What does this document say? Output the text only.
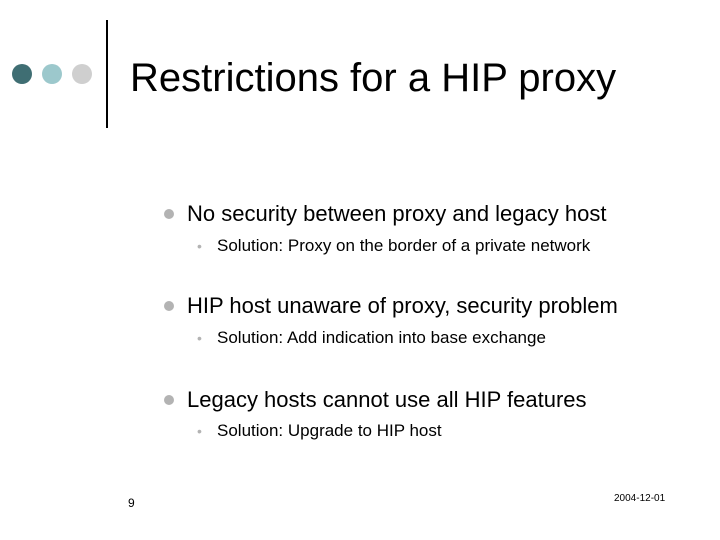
Restrictions for a HIP proxy
No security between proxy and legacy host
• Solution: Proxy on the border of a private network
HIP host unaware of proxy, security problem
• Solution: Add indication into base exchange
Legacy hosts cannot use all HIP features
• Solution: Upgrade to HIP host
9	2004-12-01
